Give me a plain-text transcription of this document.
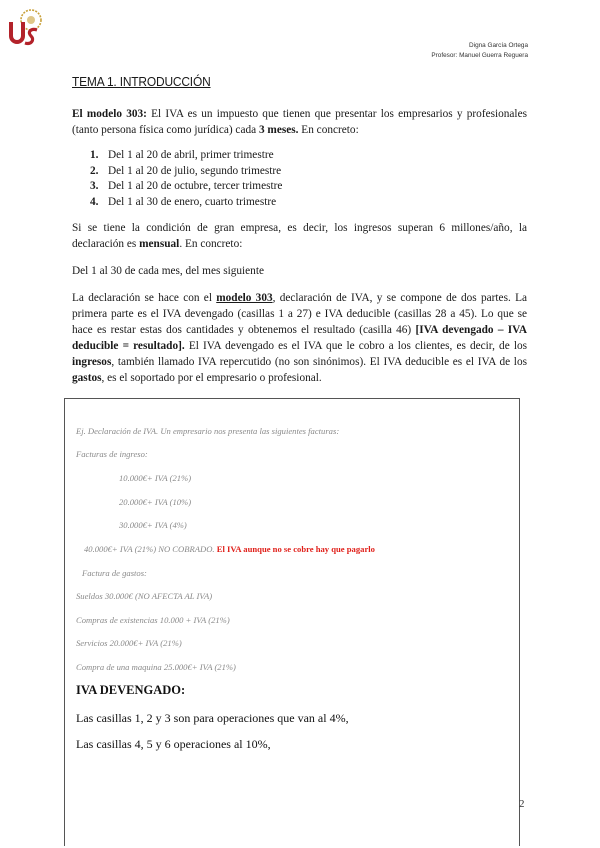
Digna García Ortega
Profesor: Manuel Guerra Reguera
TEMA 1. INTRODUCCIÓN

El modelo 303: El IVA es un impuesto que tienen que presentar los empresarios y profesionales (tanto persona física como jurídica) cada 3 meses. En concreto:

1. Del 1 al 20 de abril, primer trimestre
2. Del 1 al 20 de julio, segundo trimestre
3. Del 1 al 20 de octubre, tercer trimestre
4. Del 1 al 30 de enero, cuarto trimestre

Si se tiene la condición de gran empresa, es decir, los ingresos superan 6 millones/año, la declaración es mensual. En concreto:

Del 1 al 30 de cada mes, del mes siguiente

La declaración se hace con el modelo 303, declaración de IVA, y se compone de dos partes. La primera parte es el IVA devengado (casillas 1 a 27) e IVA deducible (casillas 28 a 45). Lo que se hace es restar estas dos cantidades y obtenemos el resultado (casilla 46) [IVA devengado – IVA deducible = resultado]. El IVA devengado es el IVA que le cobro a los clientes, es decir, de los ingresos, también llamado IVA repercutido (no son sinónimos). El IVA deducible es el IVA de los gastos, es el soportado por el empresario o profesional.

Ej. Declaración de IVA. Un empresario nos presenta las siguientes facturas:
Facturas de ingreso:
10.000€+ IVA (21%)
20.000€+ IVA (10%)
30.000€+ IVA (4%)
40.000€+ IVA (21%) NO COBRADO. El IVA aunque no se cobre hay que pagarlo
Factura de gastos:
Sueldos 30.000€ (NO AFECTA AL IVA)
Compras de existencias 10.000 + IVA (21%)
Servicios 20.000€+ IVA (21%)
Compra de una maquina 25.000€+ IVA (21%)
IVA DEVENGADO:
Las casillas 1, 2 y 3 son para operaciones que van al 4%,
Las casillas 4, 5 y 6 operaciones al 10%,
2
